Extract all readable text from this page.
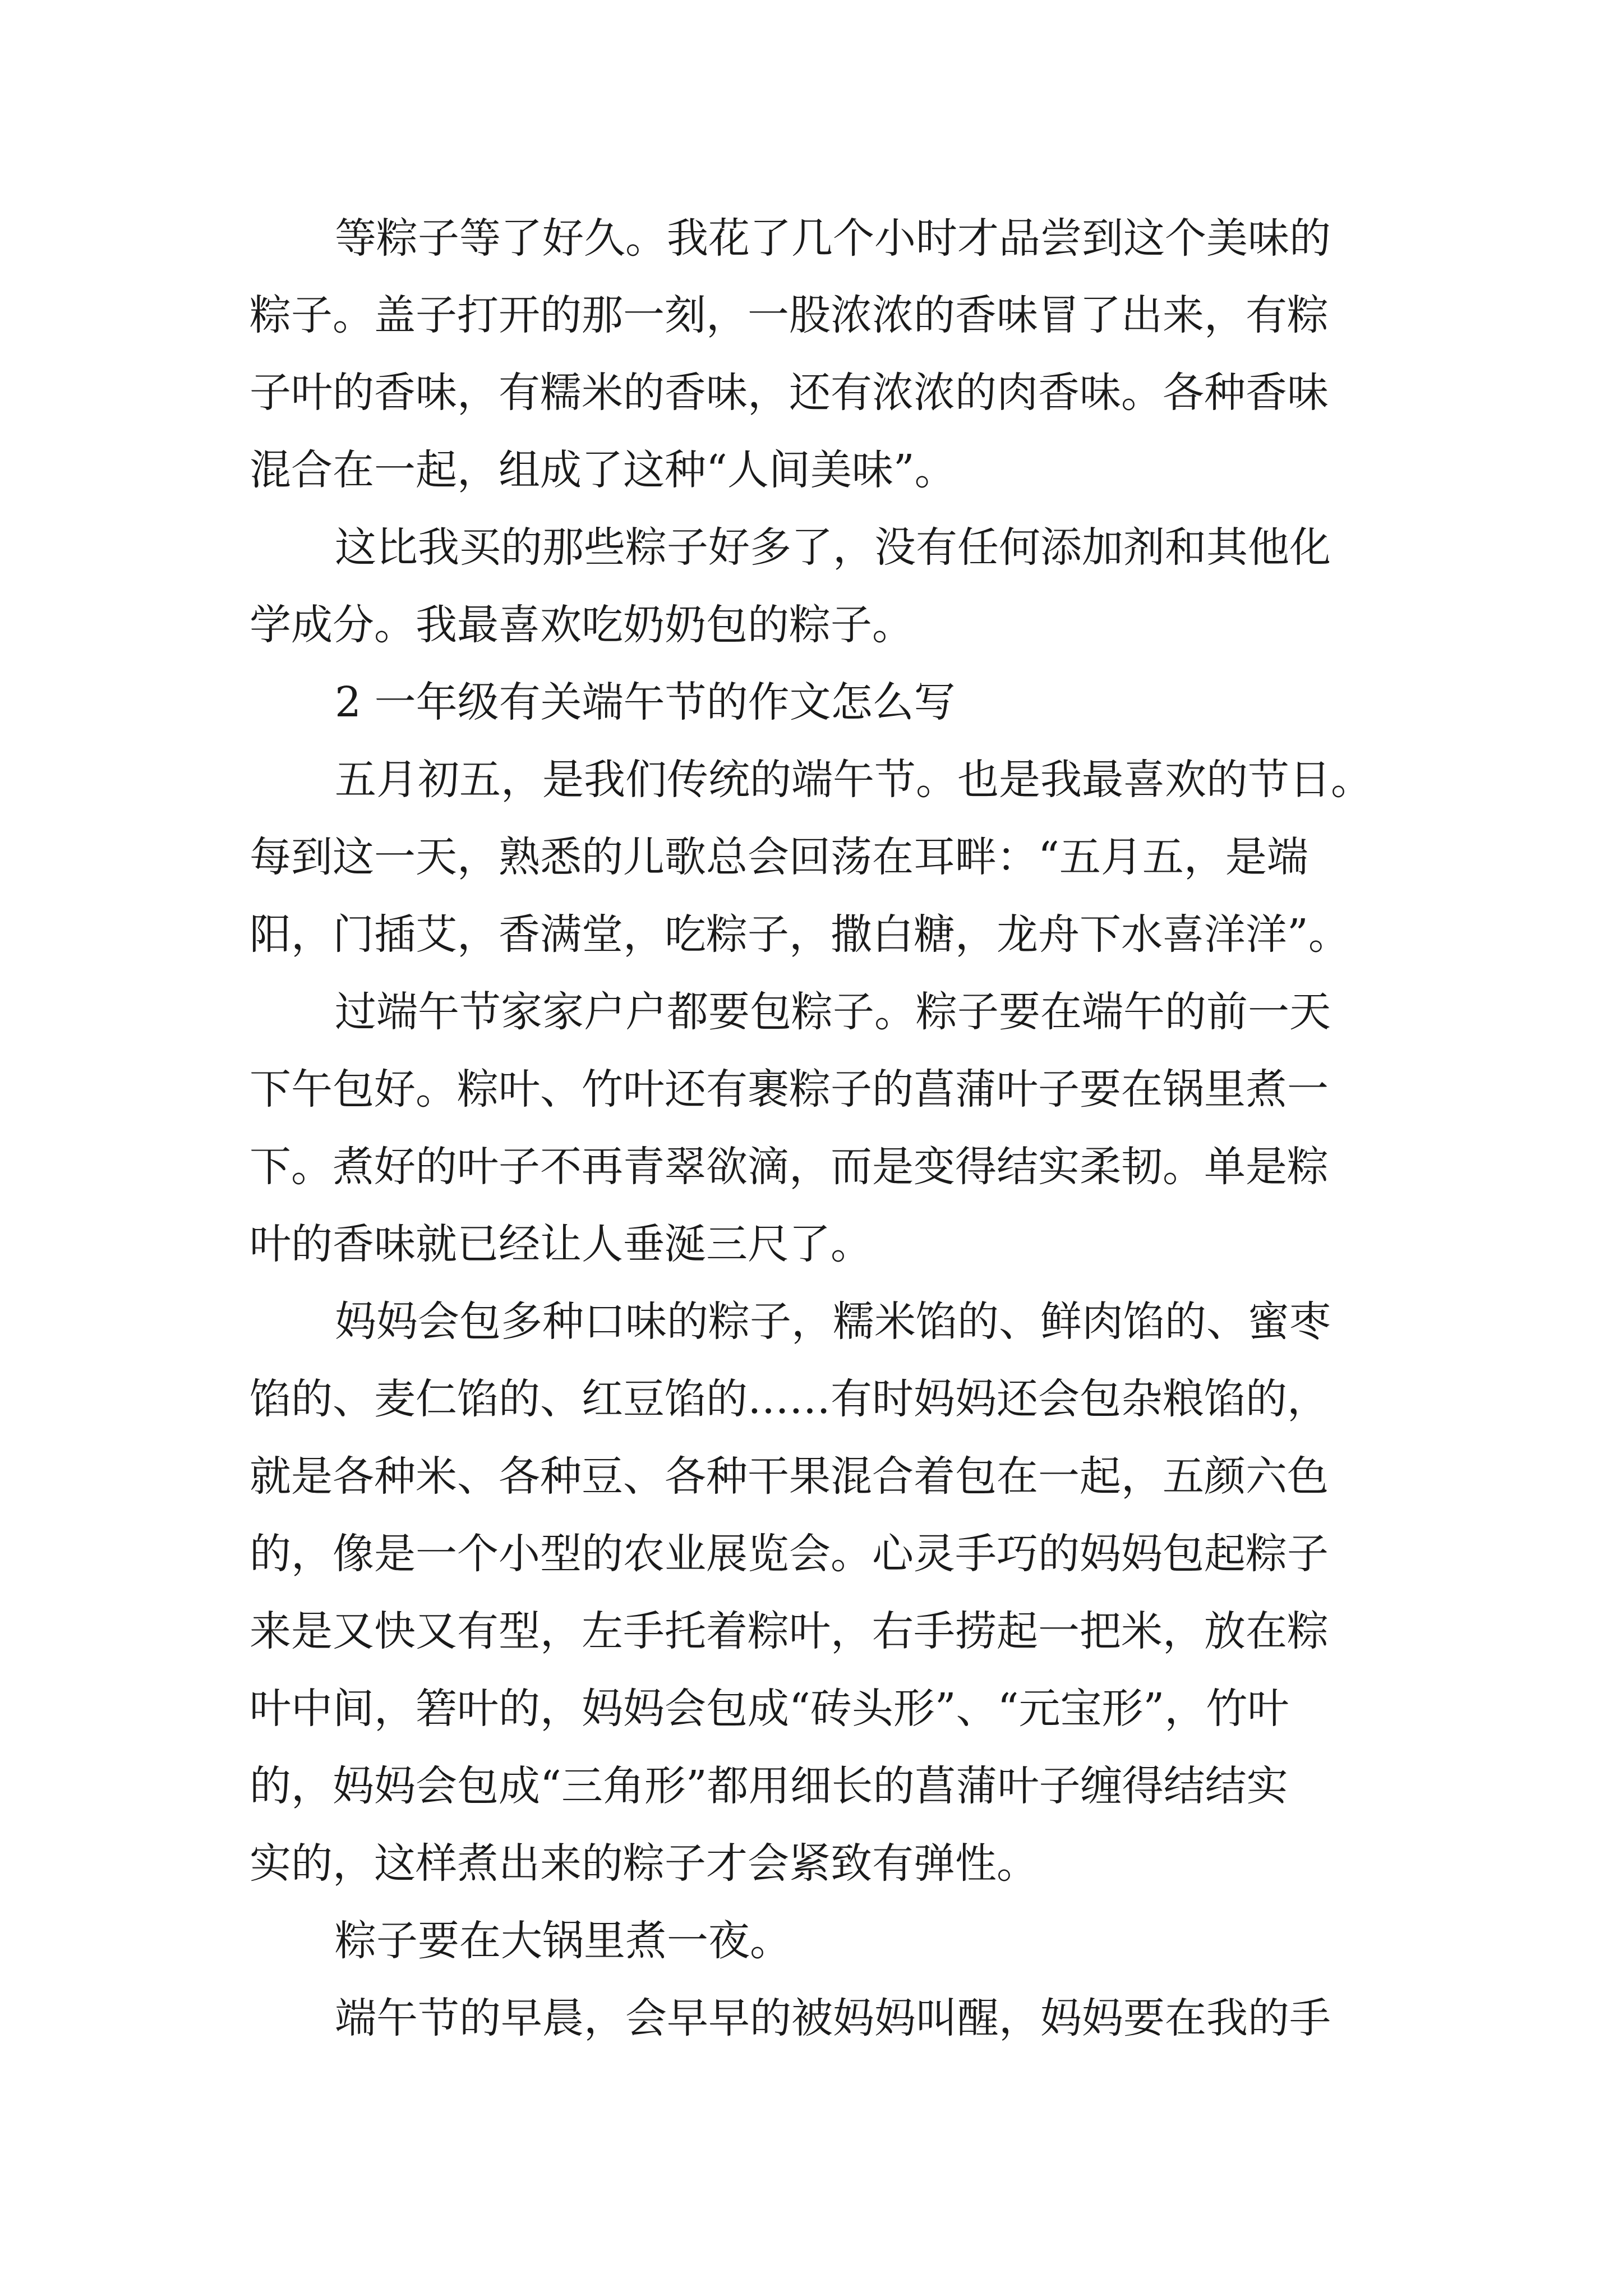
等粽子等了好久。我花了几个小时才品尝到这个美味的
粽子。盖子打开的那一刻，一股浓浓的香味冒了出来，有粽
子叶的香味，有糯米的香味，还有浓浓的肉香味。各种香味
混合在一起，组成了这种“人间美味”。
这比我买的那些粽子好多了，没有任何添加剂和其他化
学成分。我最喜欢吃奶奶包的粽子。
2 一年级有关端午节的作文怎么写
五月初五，是我们传统的端午节。也是我最喜欢的节日。
每到这一天，熟悉的儿歌总会回荡在耳畔：“五月五，是端
阳，门插艾，香满堂，吃粽子，撒白糖，龙舟下水喜洋洋”。
过端午节家家户户都要包粽子。粽子要在端午的前一天
下午包好。粽叶、竹叶还有裹粽子的菖蒲叶子要在锅里煮一
下。煮好的叶子不再青翠欲滴，而是变得结实柔韧。单是粽
叶的香味就已经让人垂涎三尺了。
妈妈会包多种口味的粽子，糯米馅的、鲜肉馅的、蜜枣
馅的、麦仁馅的、红豆馅的……有时妈妈还会包杂粮馅的，
就是各种米、各种豆、各种干果混合着包在一起，五颜六色
的，像是一个小型的农业展览会。心灵手巧的妈妈包起粽子
来是又快又有型，左手托着粽叶，右手捞起一把米，放在粽
叶中间，箬叶的，妈妈会包成“砖头形”、“元宝形”，竹叶
的，妈妈会包成“三角形”都用细长的菖蒲叶子缠得结结实
实的，这样煮出来的粽子才会紧致有弹性。
粽子要在大锅里煮一夜。
端午节的早晨，会早早的被妈妈叫醒，妈妈要在我的手
